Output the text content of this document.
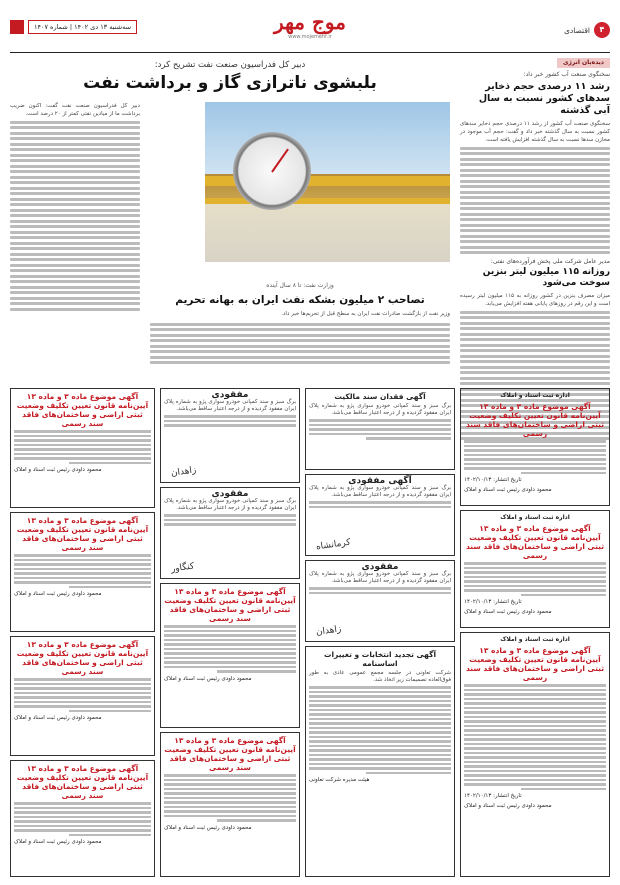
۴
اقتصادی
موج مهر
www.mojemehr.ir
سه‌شنبه ۱۳ دی ۱۴۰۲ | شماره ۱۴۰۷
دیده‌بان انرژی
سخنگوی صنعت آب کشور خبر داد:
رشد ۱۱ درصدی حجم ذخایر سدهای کشور نسبت به سال آبی گذشته
سخنگوی صنعت آب کشور از رشد ۱۱ درصدی حجم ذخایر سدهای کشور نسبت به سال گذشته خبر داد و گفت: حجم آب موجود در مخازن سدها نسبت به سال گذشته افزایش یافته است.
مدیر عامل شرکت ملی پخش فرآورده‌های نفتی:
روزانه ۱۱۵ میلیون لیتر بنزین سوخت می‌شود
میزان مصرف بنزین در کشور روزانه به ۱۱۵ میلیون لیتر رسیده است و این رقم در روزهای پایانی هفته افزایش می‌یابد.
دبیر کل فدراسیون صنعت نفت تشریح کرد:
بلبشوی ناترازی گاز و برداشت نفت
دبیر کل فدراسیون صنعت نفت گفت: اکنون ضریب برداشت ما از میادین نفتی کمتر از ۲۰ درصد است.
وزارت نفت: تا ۸ سال آینده
تصاحب ۲ میلیون بشکه نفت ایران به بهانه تحریم
وزیر نفت از بازگشت صادرات نفت ایران به سطح قبل از تحریم‌ها خبر داد.
اداره ثبت اسناد و املاک
آگهی موضوع ماده ۳ و ماده ۱۳ آیین‌نامه قانون تعیین تکلیف وضعیت ثبتی اراضی و ساختمان‌های فاقد سند رسمی
تاریخ انتشار: ۱۴۰۲/۱۰/۱۳
محمود داودی رئیس ثبت اسناد و املاک
اداره ثبت اسناد و املاک
آگهی موضوع ماده ۳ و ماده ۱۳ آیین‌نامه قانون تعیین تکلیف وضعیت ثبتی اراضی و ساختمان‌های فاقد سند رسمی
تاریخ انتشار: ۱۴۰۲/۱۰/۱۳
محمود داودی رئیس ثبت اسناد و املاک
اداره ثبت اسناد و املاک
آگهی موضوع ماده ۳ و ماده ۱۳ آیین‌نامه قانون تعیین تکلیف وضعیت ثبتی اراضی و ساختمان‌های فاقد سند رسمی
تاریخ انتشار: ۱۴۰۲/۱۰/۱۳
محمود داودی رئیس ثبت اسناد و املاک
آگهی فقدان سند مالکیت
برگ سبز و سند کمپانی خودرو سواری پژو به شماره پلاک ایران مفقود گردیده و از درجه اعتبار ساقط می‌باشد.
آگهی مفقودی
برگ سبز و سند کمپانی خودرو سواری پژو به شماره پلاک ایران مفقود گردیده و از درجه اعتبار ساقط می‌باشد.
کرمانشاه
مفقودی
برگ سبز و سند کمپانی خودرو سواری پژو به شماره پلاک ایران مفقود گردیده و از درجه اعتبار ساقط می‌باشد.
زاهدان
آگهی تجدید انتخابات و تغییرات اساسنامه
شرکت تعاونی در جلسه مجمع عمومی عادی به طور فوق‌العاده تصمیمات زیر اتخاذ شد.
هیئت مدیره شرکت تعاونی
مفقودی
برگ سبز و سند کمپانی خودرو سواری پژو به شماره پلاک ایران مفقود گردیده و از درجه اعتبار ساقط می‌باشد.
زاهدان
مفقودی
برگ سبز و سند کمپانی خودرو سواری پژو به شماره پلاک ایران مفقود گردیده و از درجه اعتبار ساقط می‌باشد.
کنگاور
آگهی موضوع ماده ۳ و ماده ۱۳ آیین‌نامه قانون تعیین تکلیف وضعیت ثبتی اراضی و ساختمان‌های فاقد سند رسمی
محمود داودی رئیس ثبت اسناد و املاک
آگهی موضوع ماده ۳ و ماده ۱۳ آیین‌نامه قانون تعیین تکلیف وضعیت ثبتی اراضی و ساختمان‌های فاقد سند رسمی
محمود داودی رئیس ثبت اسناد و املاک
آگهی موضوع ماده ۳ و ماده ۱۳ آیین‌نامه قانون تعیین تکلیف وضعیت ثبتی اراضی و ساختمان‌های فاقد سند رسمی
محمود داودی رئیس ثبت اسناد و املاک
آگهی موضوع ماده ۳ و ماده ۱۳ آیین‌نامه قانون تعیین تکلیف وضعیت ثبتی اراضی و ساختمان‌های فاقد سند رسمی
محمود داودی رئیس ثبت اسناد و املاک
آگهی موضوع ماده ۳ و ماده ۱۳ آیین‌نامه قانون تعیین تکلیف وضعیت ثبتی اراضی و ساختمان‌های فاقد سند رسمی
محمود داودی رئیس ثبت اسناد و املاک
آگهی موضوع ماده ۳ و ماده ۱۳ آیین‌نامه قانون تعیین تکلیف وضعیت ثبتی اراضی و ساختمان‌های فاقد سند رسمی
محمود داودی رئیس ثبت اسناد و املاک
